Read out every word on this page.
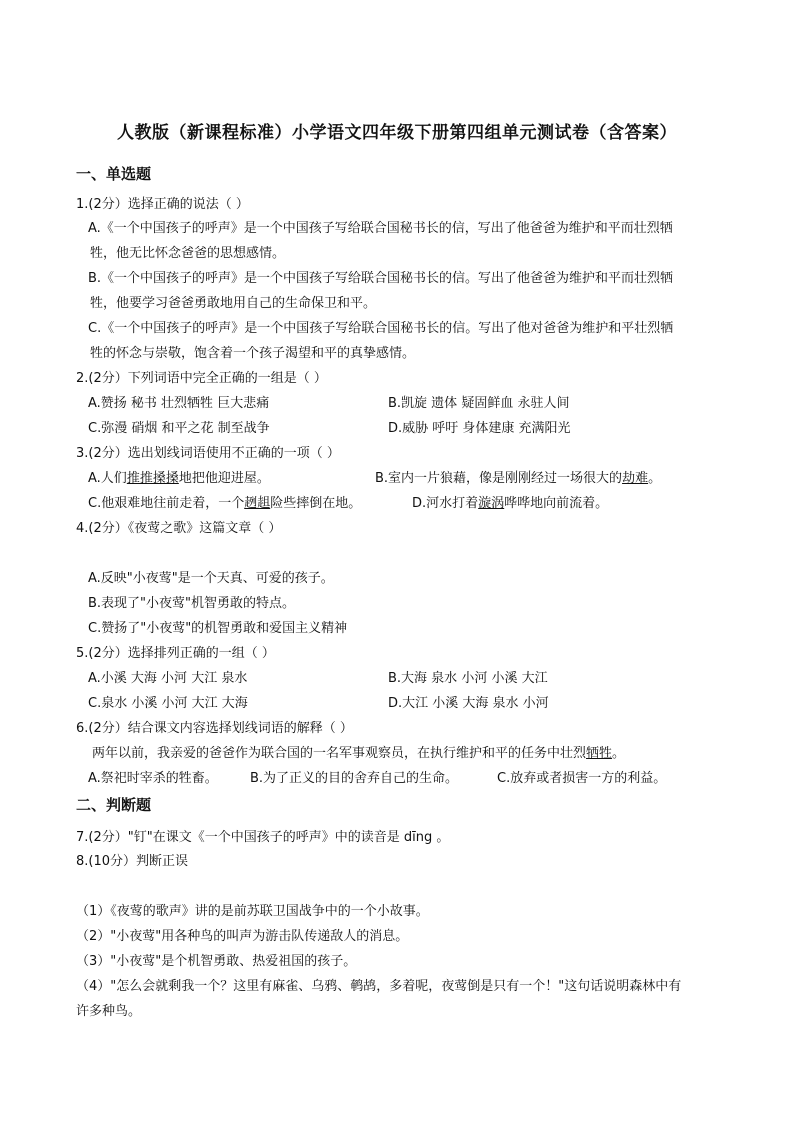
人教版（新课程标准）小学语文四年级下册第四组单元测试卷（含答案）
一、单选题
1.(2分）选择正确的说法（ ）
A.《一个中国孩子的呼声》是一个中国孩子写给联合国秘书长的信，写出了他爸爸为维护和平而壮烈牺
牲，他无比怀念爸爸的思想感情。
B.《一个中国孩子的呼声》是一个中国孩子写给联合国秘书长的信。写出了他爸爸为维护和平而壮烈牺
牲，他要学习爸爸勇敢地用自己的生命保卫和平。
C.《一个中国孩子的呼声》是一个中国孩子写给联合国秘书长的信。写出了他对爸爸为维护和平壮烈牺
牲的怀念与崇敬，饱含着一个孩子渴望和平的真挚感情。
2.(2分）下列词语中完全正确的一组是（ ）
A.赞扬 秘书 壮烈牺牲 巨大悲痛	B.凯旋 遗体 疑固鲜血 永驻人间
C.弥漫 硝烟 和平之花 制至战争	D.威胁 呼吁 身体建康 充满阳光
3.(2分）选出划线词语使用不正确的一项（ ）
A.人们推推搡搡地把他迎进屋。	B.室内一片狼藉，像是刚刚经过一场很大的劫难。
C.他艰难地往前走着，一个趔趄险些摔倒在地。	D.河水打着漩涡哗哗地向前流着。
4.(2分）《夜莺之歌》这篇文章（ ）
A.反映"小夜莺"是一个天真、可爱的孩子。
B.表现了"小夜莺"机智勇敢的特点。
C.赞扬了"小夜莺"的机智勇敢和爱国主义精神
5.(2分）选择排列正确的一组（ ）
A.小溪 大海 小河 大江 泉水	B.大海 泉水 小河 小溪 大江
C.泉水 小溪 小河 大江 大海	D.大江 小溪 大海 泉水 小河
6.(2分）结合课文内容选择划线词语的解释（ ）
两年以前，我亲爱的爸爸作为联合国的一名军事观察员，在执行维护和平的任务中壮烈牺牲。
A.祭祀时宰杀的牲畜。 B.为了正义的目的舍弃自己的生命。	C.放弃或者损害一方的利益。
二、判断题
7.(2分）"钉"在课文《一个中国孩子的呼声》中的读音是 dīng 。
8.(10分）判断正误
（1）《夜莺的歌声》讲的是前苏联卫国战争中的一个小故事。
（2）"小夜莺"用各种鸟的叫声为游击队传递敌人的消息。
（3）"小夜莺"是个机智勇敢、热爱祖国的孩子。
（4）"怎么会就剩我一个？这里有麻雀、乌鸦、鹌鸪，多着呢，夜莺倒是只有一个！"这句话说明森林中有
许多种鸟。
